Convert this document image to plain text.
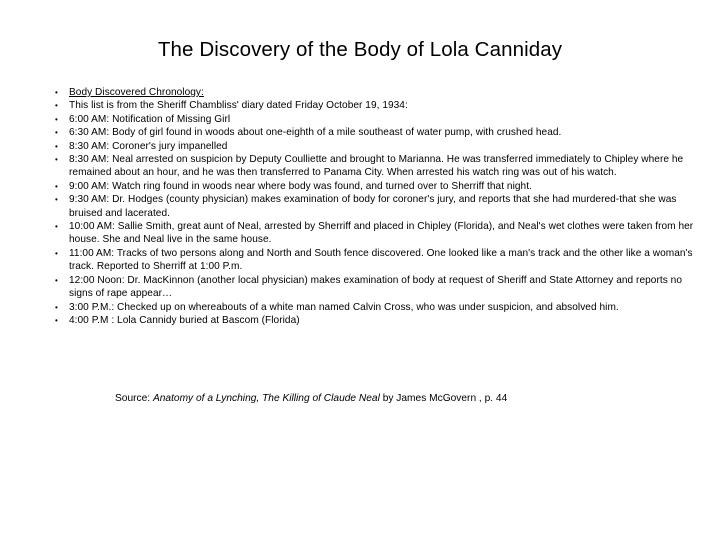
The Discovery of the Body of Lola Canniday
• Body Discovered Chronology:
• This list is from the Sheriff Chambliss' diary dated Friday October 19, 1934:
• 6:00 AM: Notification of Missing Girl
• 6:30 AM: Body of girl found in woods about one-eighth of a mile southeast of water pump, with crushed head.
• 8:30 AM: Coroner's jury impanelled
• 8:30 AM: Neal arrested on suspicion by Deputy Coulliette and brought to Marianna. He was transferred immediately to Chipley where he remained about an hour, and he was then transferred to Panama City. When arrested his watch ring was out of his watch.
• 9:00 AM: Watch ring found in woods near where body was found, and turned over to Sherriff that night.
• 9:30 AM: Dr. Hodges (county physician) makes examination of body for coroner's jury, and reports that she had murdered-that she was bruised and lacerated.
• 10:00 AM: Sallie Smith, great aunt of Neal, arrested by Sherriff and placed in Chipley (Florida), and Neal's wet clothes were taken from her house. She and Neal live in the same house.
• 11:00 AM: Tracks of two persons along and North and South fence discovered. One looked like a man's track and the other like a woman's track. Reported to Sherriff at 1:00 P.m.
• 12:00 Noon: Dr. MacKinnon (another local physician) makes examination of body at request of Sheriff and State Attorney and reports no signs of rape appear…
• 3:00 P.M.: Checked up on whereabouts of a white man named Calvin Cross, who was under suspicion, and absolved him.
• 4:00 P.M : Lola Cannidy buried at Bascom (Florida)
Source: Anatomy of a Lynching, The Killing of Claude Neal by James McGovern , p. 44
